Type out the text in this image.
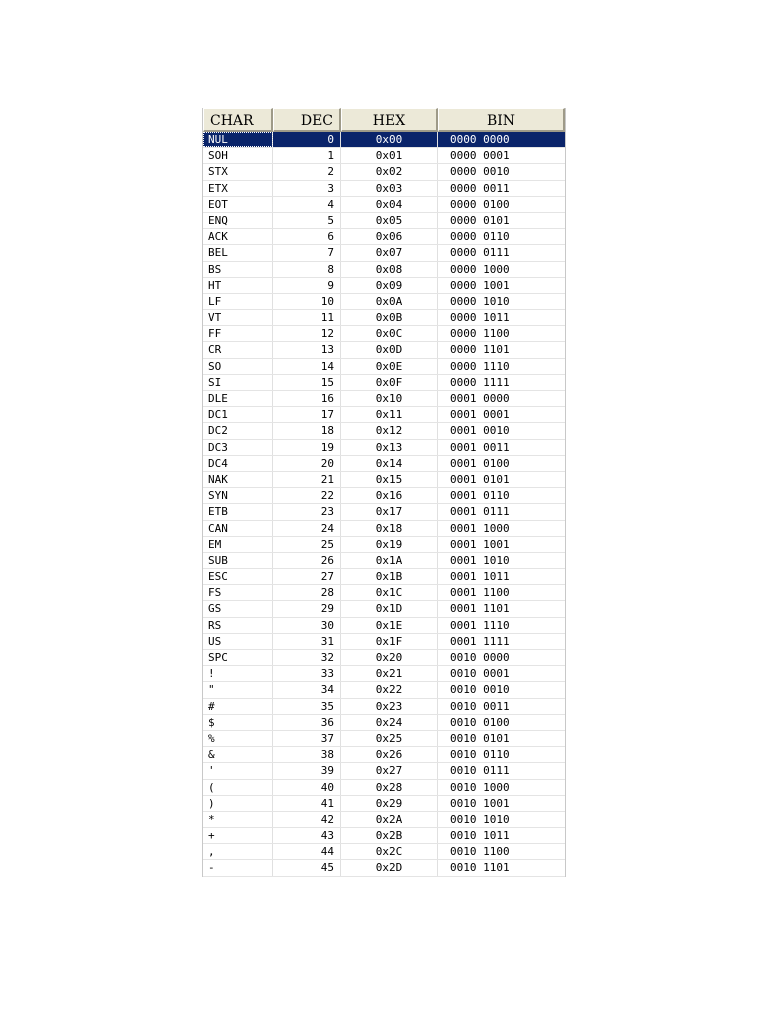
CHAR	DEC	HEX	BIN
NUL	0	0x00	0000 0000
SOH	1	0x01	0000 0001
STX	2	0x02	0000 0010
ETX	3	0x03	0000 0011
EOT	4	0x04	0000 0100
ENQ	5	0x05	0000 0101
ACK	6	0x06	0000 0110
BEL	7	0x07	0000 0111
BS	8	0x08	0000 1000
HT	9	0x09	0000 1001
LF	10	0x0A	0000 1010
VT	11	0x0B	0000 1011
FF	12	0x0C	0000 1100
CR	13	0x0D	0000 1101
SO	14	0x0E	0000 1110
SI	15	0x0F	0000 1111
DLE	16	0x10	0001 0000
DC1	17	0x11	0001 0001
DC2	18	0x12	0001 0010
DC3	19	0x13	0001 0011
DC4	20	0x14	0001 0100
NAK	21	0x15	0001 0101
SYN	22	0x16	0001 0110
ETB	23	0x17	0001 0111
CAN	24	0x18	0001 1000
EM	25	0x19	0001 1001
SUB	26	0x1A	0001 1010
ESC	27	0x1B	0001 1011
FS	28	0x1C	0001 1100
GS	29	0x1D	0001 1101
RS	30	0x1E	0001 1110
US	31	0x1F	0001 1111
SPC	32	0x20	0010 0000
!	33	0x21	0010 0001
"	34	0x22	0010 0010
#	35	0x23	0010 0011
$	36	0x24	0010 0100
%	37	0x25	0010 0101
&	38	0x26	0010 0110
'	39	0x27	0010 0111
(	40	0x28	0010 1000
)	41	0x29	0010 1001
*	42	0x2A	0010 1010
+	43	0x2B	0010 1011
,	44	0x2C	0010 1100
-	45	0x2D	0010 1101
